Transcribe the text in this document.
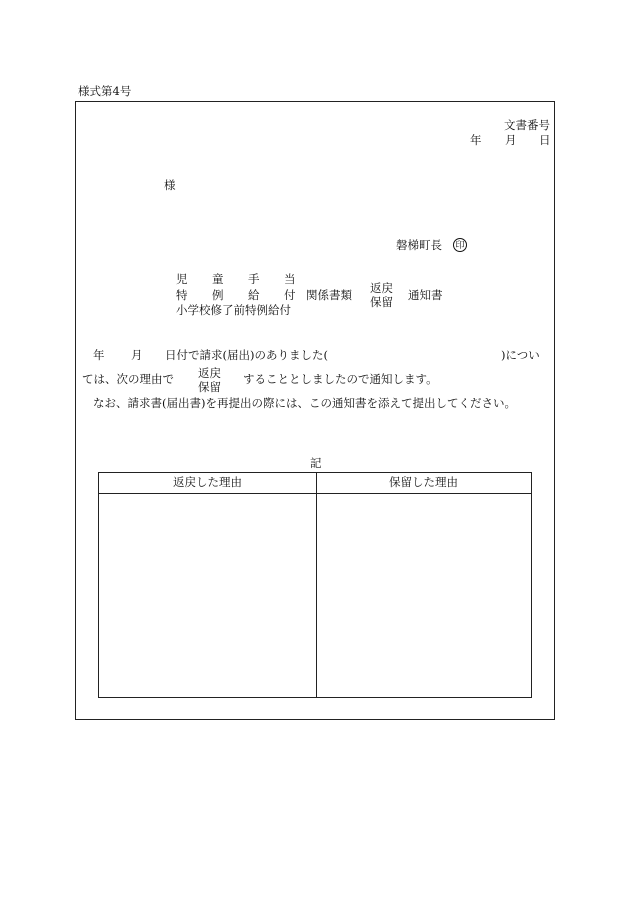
様式第4号
文書番号
年 月 日
様
磐梯町長 印
児 童 手 当
特 例 給 付
小学校修了前特例給付
関係書類 返戻
保留 通知書
年 月 日付で請求(届出)のありました(	)につい
ては、次の理由で 返戻
保留
することとしましたので通知します。
なお、請求書(届出書)を再提出の際には、この通知書を添えて提出してください。
記
返戻した理由	保留した理由
